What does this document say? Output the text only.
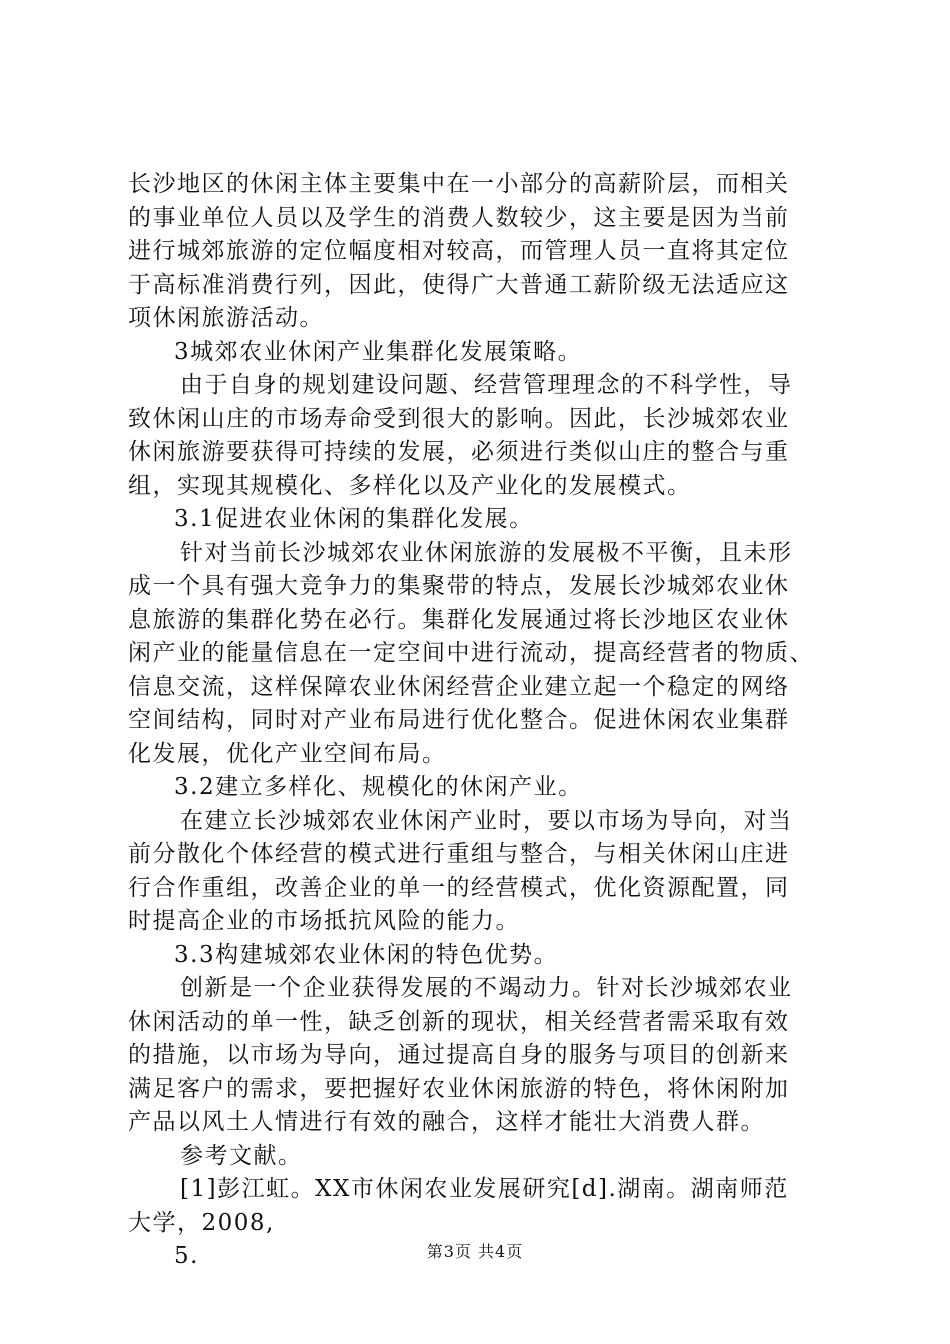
长沙地区的休闲主体主要集中在一小部分的高薪阶层，而相关
的事业单位人员以及学生的消费人数较少，这主要是因为当前
进行城郊旅游的定位幅度相对较高，而管理人员一直将其定位
于高标准消费行列，因此，使得广大普通工薪阶级无法适应这
项休闲旅游活动。
3城郊农业休闲产业集群化发展策略。
由于自身的规划建设问题、经营管理理念的不科学性，导
致休闲山庄的市场寿命受到很大的影响。因此，长沙城郊农业
休闲旅游要获得可持续的发展，必须进行类似山庄的整合与重
组，实现其规模化、多样化以及产业化的发展模式。
3.1促进农业休闲的集群化发展。
针对当前长沙城郊农业休闲旅游的发展极不平衡，且未形
成一个具有强大竞争力的集聚带的特点，发展长沙城郊农业休
息旅游的集群化势在必行。集群化发展通过将长沙地区农业休
闲产业的能量信息在一定空间中进行流动，提高经营者的物质、
信息交流，这样保障农业休闲经营企业建立起一个稳定的网络
空间结构，同时对产业布局进行优化整合。促进休闲农业集群
化发展，优化产业空间布局。
3.2建立多样化、规模化的休闲产业。
在建立长沙城郊农业休闲产业时，要以市场为导向，对当
前分散化个体经营的模式进行重组与整合，与相关休闲山庄进
行合作重组，改善企业的单一的经营模式，优化资源配置，同
时提高企业的市场抵抗风险的能力。
3.3构建城郊农业休闲的特色优势。
创新是一个企业获得发展的不竭动力。针对长沙城郊农业
休闲活动的单一性，缺乏创新的现状，相关经营者需采取有效
的措施，以市场为导向，通过提高自身的服务与项目的创新来
满足客户的需求，要把握好农业休闲旅游的特色，将休闲附加
产品以风土人情进行有效的融合，这样才能壮大消费人群。
参考文献。
[1]彭江虹。XX市休闲农业发展研究[d].湖南。湖南师范
大学，2008,
5.	第3页 共4页
